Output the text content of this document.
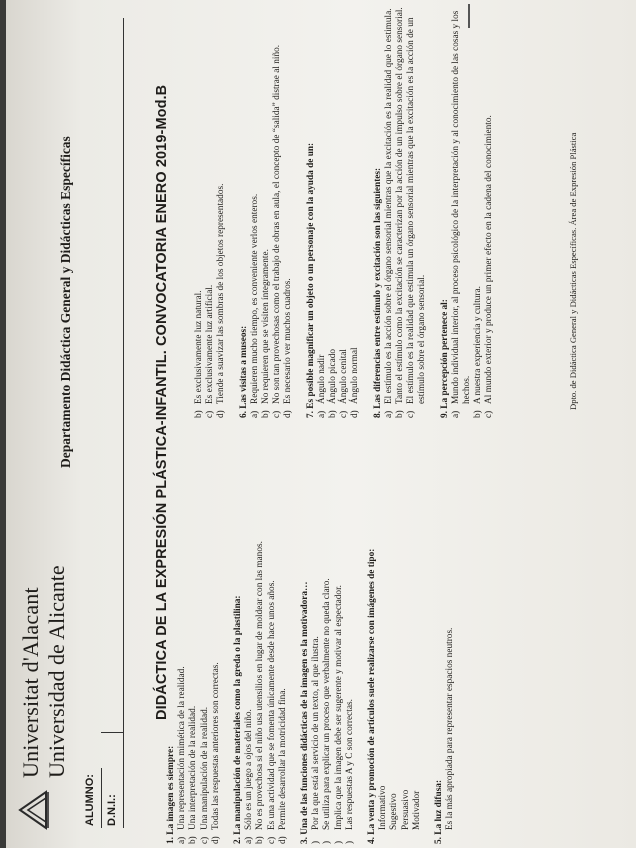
Universitat d'Alacant Universidad de Alicante
Departamento Didáctica General y Didácticas Específicas
ALUMNO: D.N.I.:
DIDÁCTICA DE LA EXPRESIÓN PLÁSTICA-INFANTIL. CONVOCATORIA ENERO 2019-Mod.B
1. La imagen es siempre: a)
Una representación mimética de la realidad.
b)
Una interpretación de la realidad.
c)
Una manipulación de la realidad.
d)
Todas las respuestas anteriores son correctas. 2. La manipulación de materiales como la greda o la plastilina: a)
Sólo es un juego a ojos del niño.
b)
No es provechosa si el niño usa utensilios en lugar de moldear con las manos.
c)
Es una actividad que se fomenta únicamente desde hace unos años.
d)
Permite desarrollar la motricidad fina. 3. Una de las funciones didácticas de la imagen es la motivadora… )
Por la que está al servicio de un texto, al que ilustra.
)
Se utiliza para explicar un proceso que verbalmente no queda claro.
)
Implica que la imagen debe ser sugerente y motivar al espectador.
)
Las respuestas A y C son correctas. 4. La venta y promoción de artículos suele realizarse con imágenes de tipo: Informativo Sugestivo Persuasivo Motivador 5. La luz difusa: Es la más apropiada para representar espacios neutros.
b)
Es exclusivamente luz natural.
c)
Es exclusivamente luz artificial.
d)
Tiende a suavizar las sombras de los objetos representados. 6. Las visitas a museos: a)
Requieren mucho tiempo, es conveniente verlos enteros.
b)
No requieren que se visiten íntegramente.
c)
No son tan provechosas como el trabajo de obras en aula, el concepto de “salida” distrae al niño.
d)
Es necesario ver muchos cuadros. 7. Es posible magnificar un objeto o un personaje con la ayuda de un: a)
Ángulo nadir
b)
Ángulo picado
c)
Ángulo cenital
d)
Ángulo normal 8. Las diferencias entre estímulo y excitación son las siguientes: a)
El estímulo es la acción sobre el órgano sensorial mientras que la excitación es la realidad que lo estimula.
b)
Tanto el estímulo como la excitación se caracterizan por la acción de un impulso sobre el órgano sensorial.
c)
El estímulo es la realidad que estimula un órgano sensorial mientras que la excitación es la acción de un estímulo sobre el órgano sensorial. 9. La percepción pertenece al: a)
Mundo individual interior, al proceso psicológico de la interpretación y al conocimiento de las cosas y los hechos.
b)
A nuestra experiencia y cultura.
c)
Al mundo exterior y produce un primer efecto en la cadena del conocimiento.	Dpto. de Didáctica General y Didácticas Específicas. Área de Expresión Plástica
